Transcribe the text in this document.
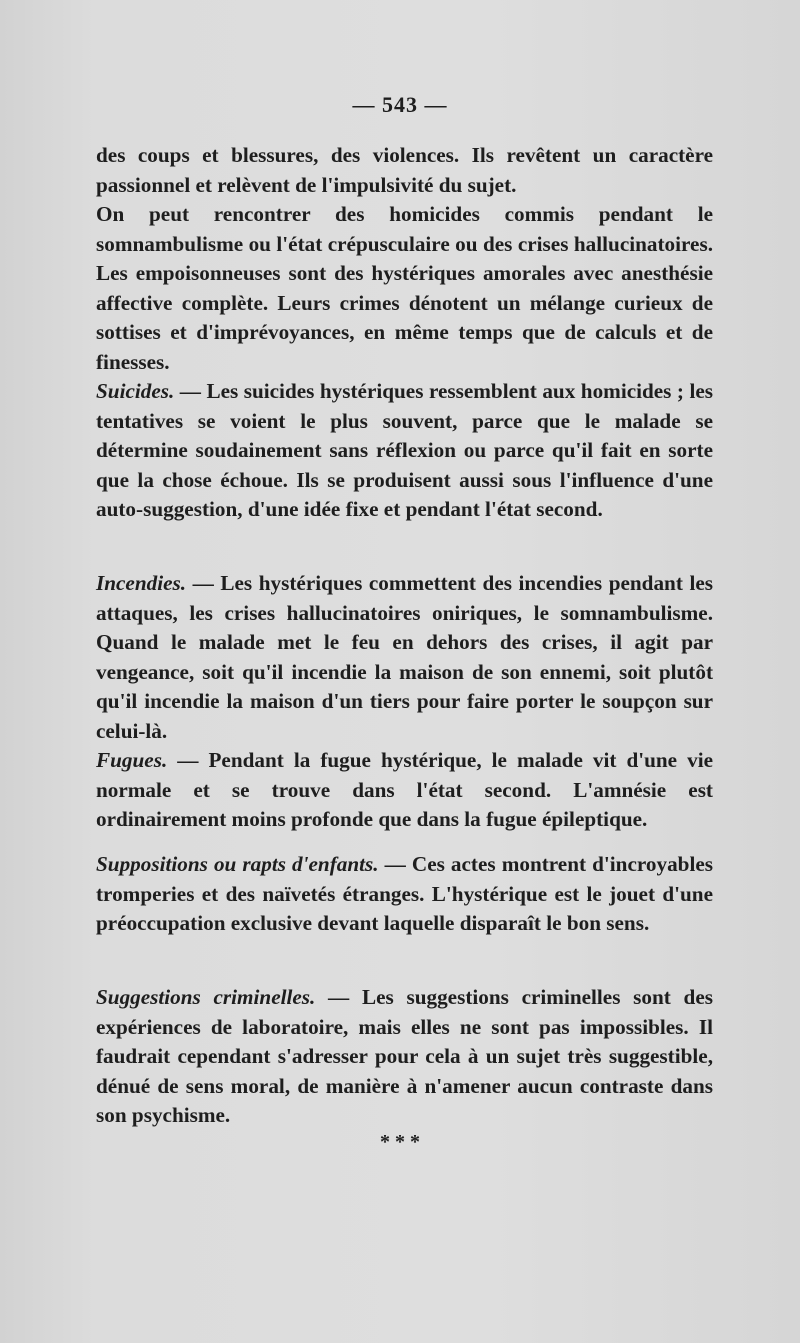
— 543 —

des coups et blessures, des violences. Ils revêtent un caractère passionnel et relèvent de l'impulsivité du sujet.

On peut rencontrer des homicides commis pendant le somnambulisme ou l'état crépusculaire ou des crises hallucinatoires. Les empoisonneuses sont des hystériques amorales avec anesthésie affective complète. Leurs crimes dénotent un mélange curieux de sottises et d'imprévoyances, en même temps que de calculs et de finesses.

Suicides. — Les suicides hystériques ressemblent aux homicides ; les tentatives se voient le plus souvent, parce que le malade se détermine soudainement sans réflexion ou parce qu'il fait en sorte que la chose échoue. Ils se produisent aussi sous l'influence d'une auto-suggestion, d'une idée fixe et pendant l'état second.

Incendies. — Les hystériques commettent des incendies pendant les attaques, les crises hallucinatoires oniriques, le somnambulisme. Quand le malade met le feu en dehors des crises, il agit par vengeance, soit qu'il incendie la maison de son ennemi, soit plutôt qu'il incendie la maison d'un tiers pour faire porter le soupçon sur celui-là.

Fugues. — Pendant la fugue hystérique, le malade vit d'une vie normale et se trouve dans l'état second. L'amnésie est ordinairement moins profonde que dans la fugue épileptique.

Suppositions ou rapts d'enfants. — Ces actes montrent d'incroyables tromperies et des naïvetés étranges. L'hystérique est le jouet d'une préoccupation exclusive devant laquelle disparaît le bon sens.

Suggestions criminelles. — Les suggestions criminelles sont des expériences de laboratoire, mais elles ne sont pas impossibles. Il faudrait cependant s'adresser pour cela à un sujet très suggestible, dénué de sens moral, de manière à n'amener aucun contraste dans son psychisme.

* * *
